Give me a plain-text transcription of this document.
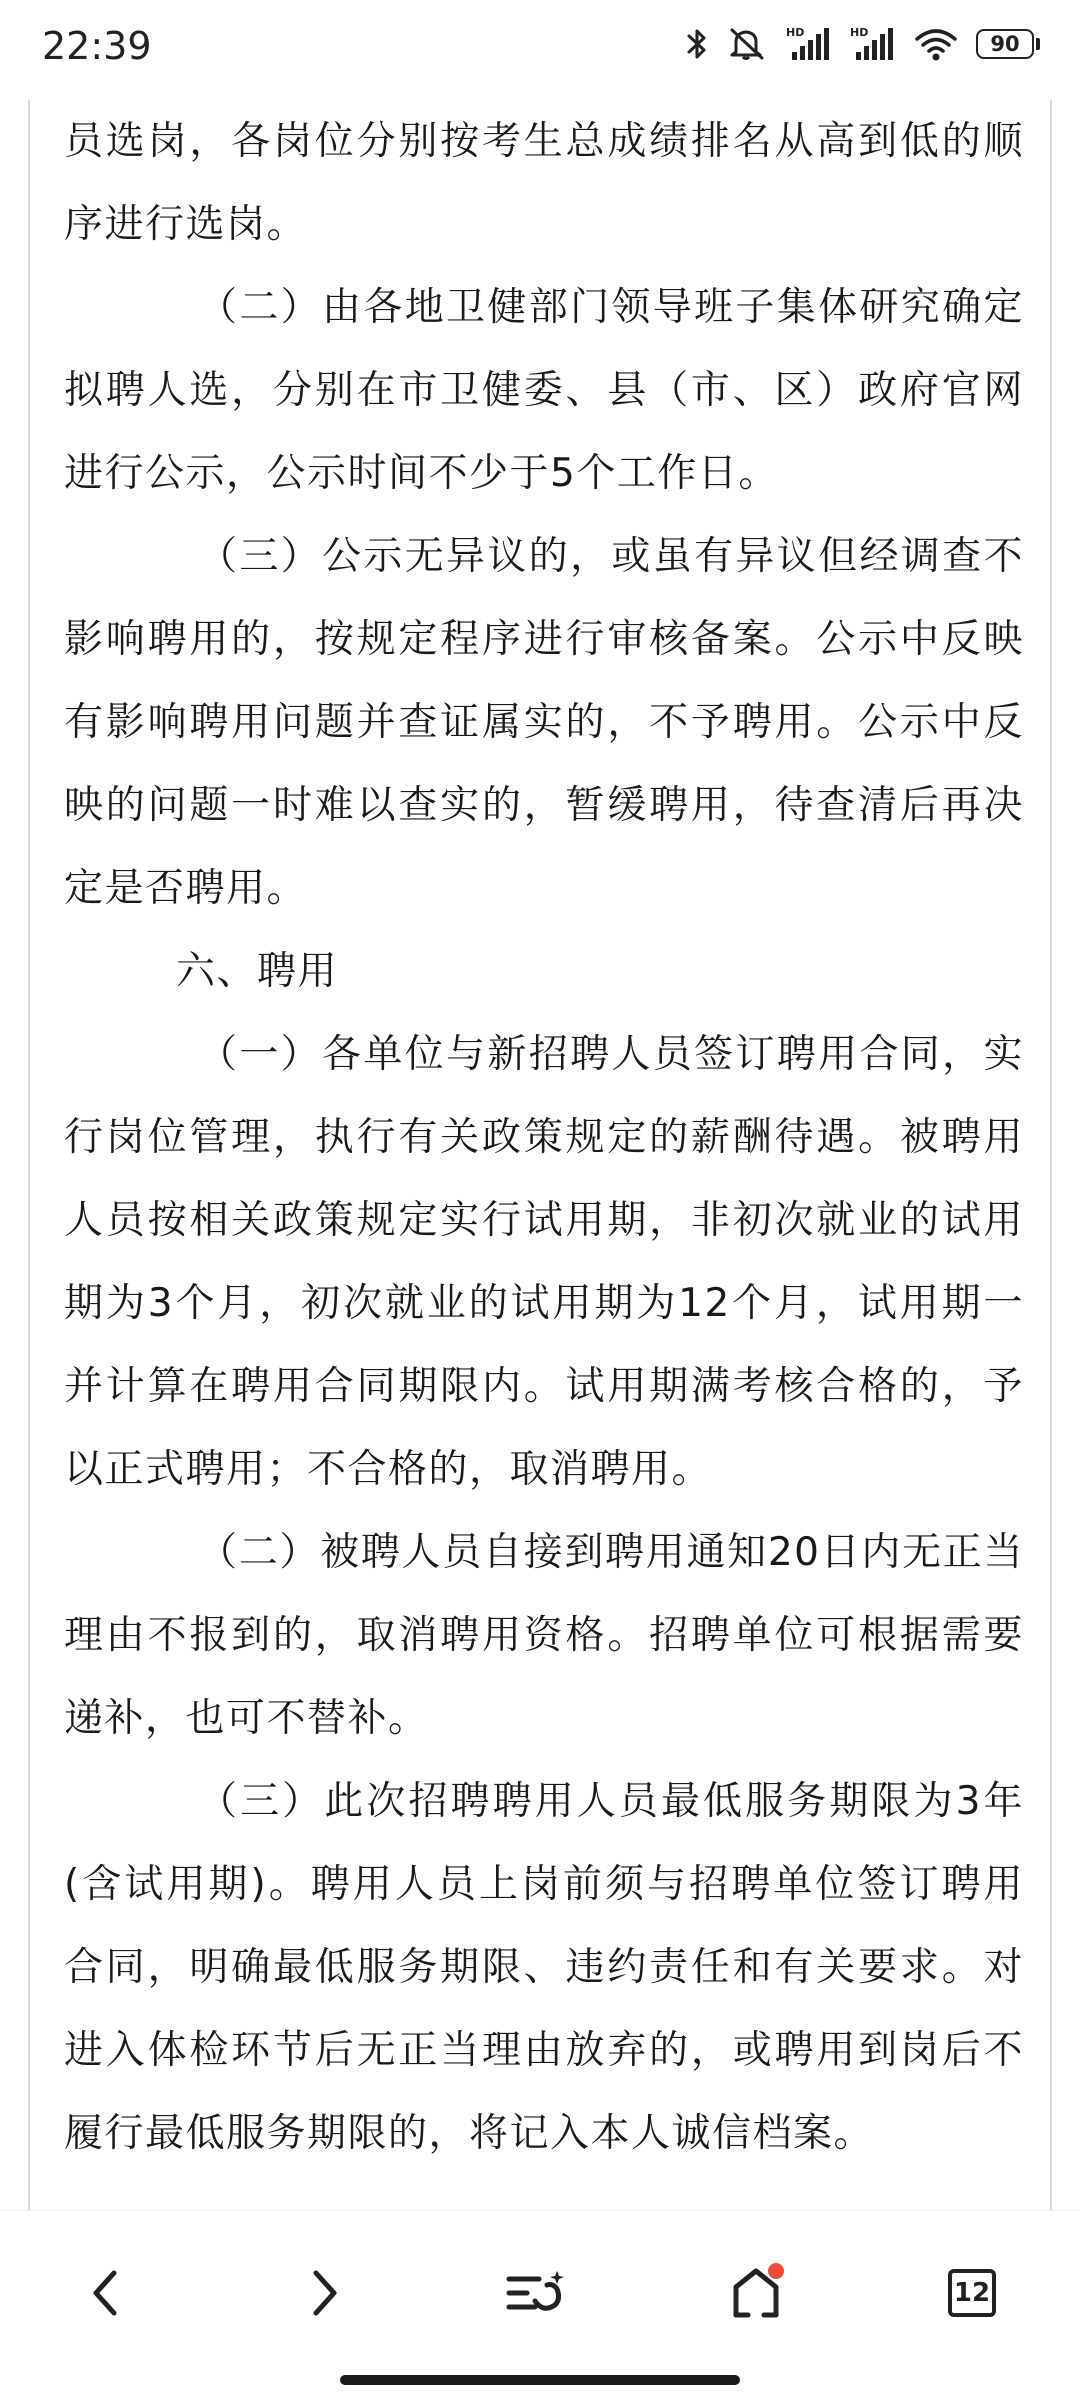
22:39	HD	HD	90

员选岗，各岗位分别按考生总成绩排名从高到低的顺序进行选岗。

（二）由各地卫健部门领导班子集体研究确定拟聘人选，分别在市卫健委、县（市、区）政府官网进行公示，公示时间不少于5个工作日。

（三）公示无异议的，或虽有异议但经调查不影响聘用的，按规定程序进行审核备案。公示中反映有影响聘用问题并查证属实的，不予聘用。公示中反映的问题一时难以查实的，暂缓聘用，待查清后再决定是否聘用。

六、聘用

（一）各单位与新招聘人员签订聘用合同，实行岗位管理，执行有关政策规定的薪酬待遇。被聘用人员按相关政策规定实行试用期，非初次就业的试用期为3个月，初次就业的试用期为12个月，试用期一并计算在聘用合同期限内。试用期满考核合格的，予以正式聘用；不合格的，取消聘用。

（二）被聘人员自接到聘用通知20日内无正当理由不报到的，取消聘用资格。招聘单位可根据需要递补，也可不替补。

（三）此次招聘聘用人员最低服务期限为3年(含试用期)。聘用人员上岗前须与招聘单位签订聘用合同，明确最低服务期限、违约责任和有关要求。对进入体检环节后无正当理由放弃的，或聘用到岗后不履行最低服务期限的，将记入本人诚信档案。

12
